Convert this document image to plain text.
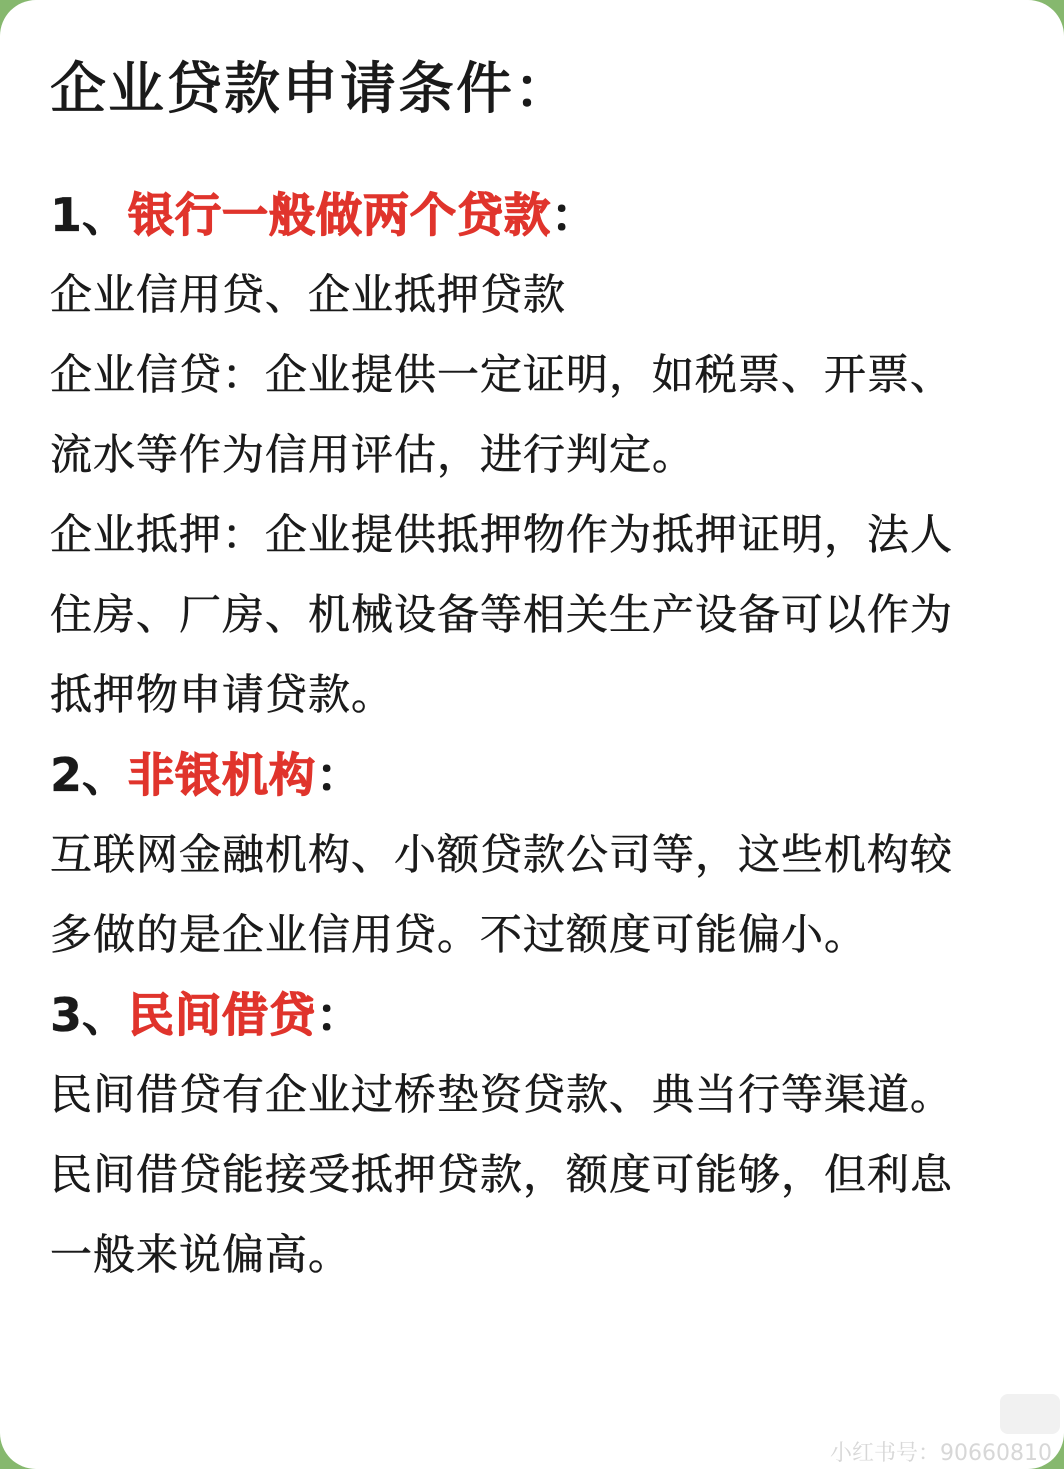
企业贷款申请条件：
1、银行一般做两个贷款：

企业信用贷、企业抵押贷款
企业信贷：企业提供一定证明，如税票、开票、
流水等作为信用评估，进行判定。
企业抵押：企业提供抵押物作为抵押证明，法人
住房、厂房、机械设备等相关生产设备可以作为
抵押物申请贷款。

2、非银机构：

互联网金融机构、小额贷款公司等，这些机构较
多做的是企业信用贷。不过额度可能偏小。

3、民间借贷：

民间借贷有企业过桥垫资贷款、典当行等渠道。
民间借贷能接受抵押贷款，额度可能够，但利息
一般来说偏高。

小红书号：90660810
